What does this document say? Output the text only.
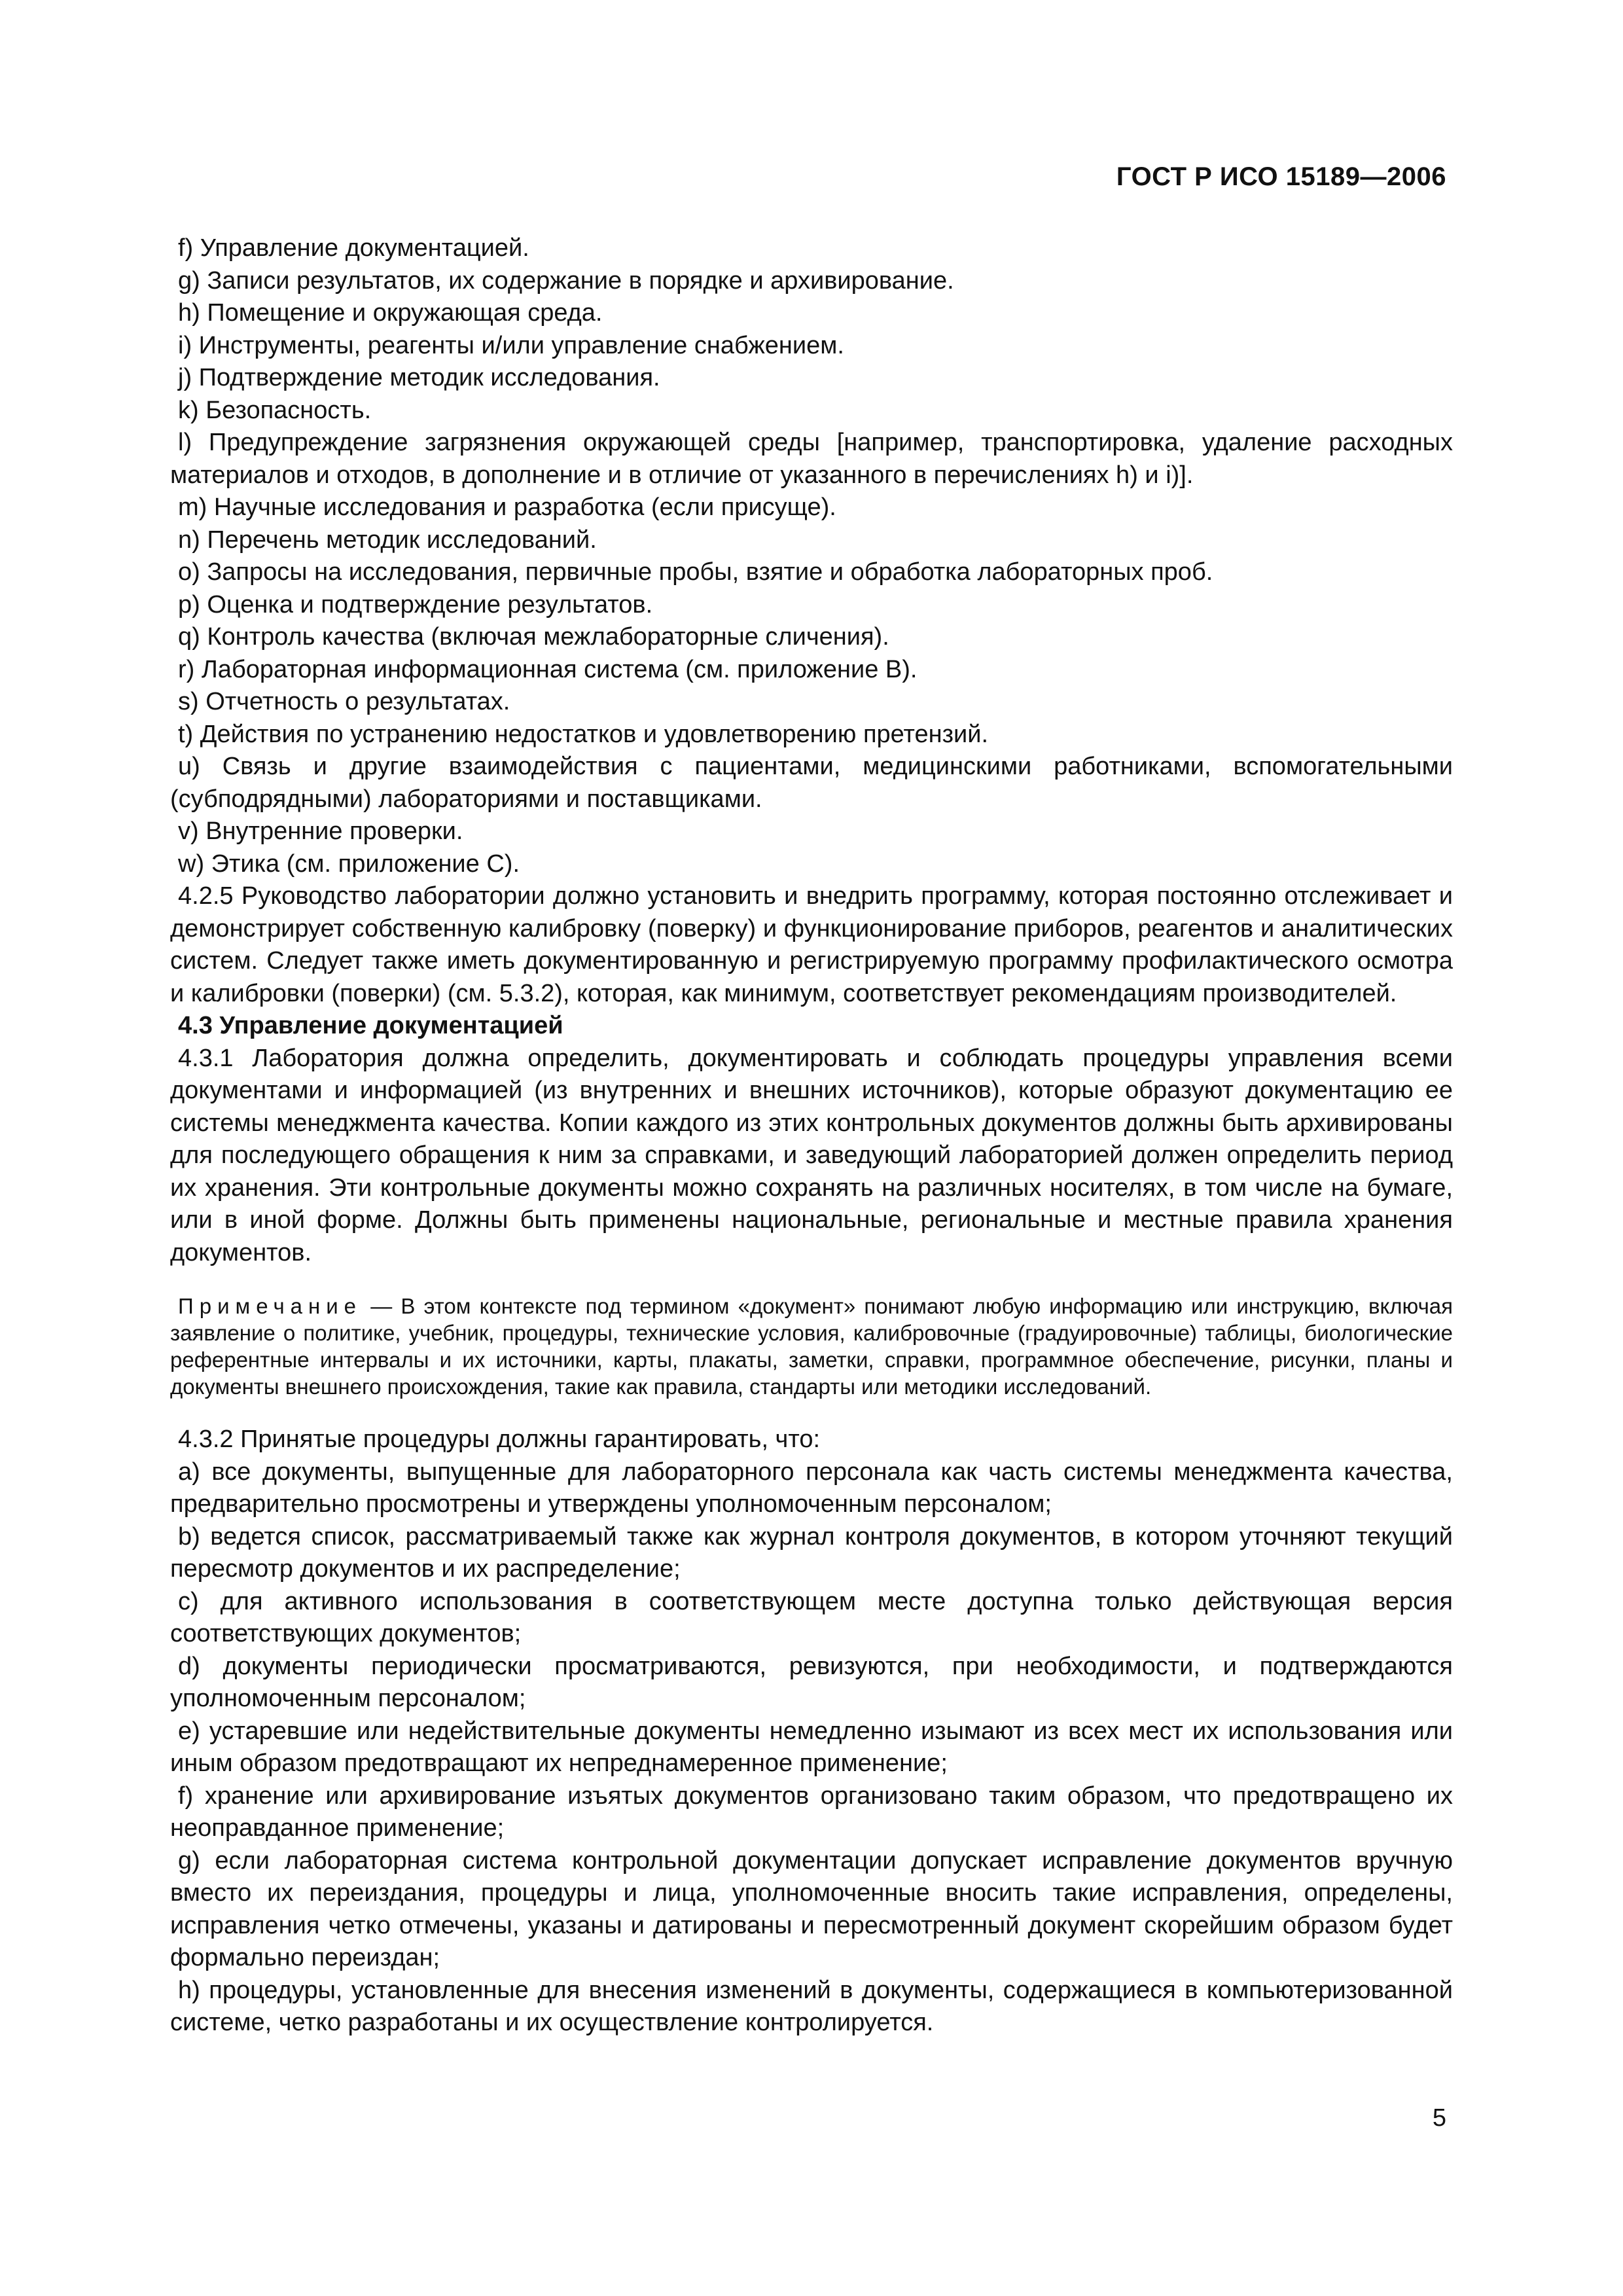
ГОСТ Р ИСО 15189—2006

f) Управление документацией.

g) Записи результатов, их содержание в порядке и архивирование.

h) Помещение и окружающая среда.

i) Инструменты, реагенты и/или управление снабжением.

j) Подтверждение методик исследования.

k) Безопасность.

l) Предупреждение загрязнения окружающей среды [например, транспортировка, удаление расходных материалов и отходов, в дополнение и в отличие от указанного в перечислениях h) и i)].

m) Научные исследования и разработка (если присуще).

n) Перечень методик исследований.

o) Запросы на исследования, первичные пробы, взятие и обработка лабораторных проб.

p) Оценка и подтверждение результатов.

q) Контроль качества (включая межлабораторные сличения).

r) Лабораторная информационная система (см. приложение В).

s) Отчетность о результатах.

t) Действия по устранению недостатков и удовлетворению претензий.

u) Связь и другие взаимодействия с пациентами, медицинскими работниками, вспомогательными (субподрядными) лабораториями и поставщиками.

v) Внутренние проверки.

w) Этика (см. приложение С).

4.2.5 Руководство лаборатории должно установить и внедрить программу, которая постоянно отслеживает и демонстрирует собственную калибровку (поверку) и функционирование приборов, реагентов и аналитических систем. Следует также иметь документированную и регистрируемую программу профилактического осмотра и калибровки (поверки) (см. 5.3.2), которая, как минимум, соответствует рекомендациям производителей.

4.3 Управление документацией

4.3.1 Лаборатория должна определить, документировать и соблюдать процедуры управления всеми документами и информацией (из внутренних и внешних источников), которые образуют документацию ее системы менеджмента качества. Копии каждого из этих контрольных документов должны быть архивированы для последующего обращения к ним за справками, и заведующий лабораторией должен определить период их хранения. Эти контрольные документы можно сохранять на различных носителях, в том числе на бумаге, или в иной форме. Должны быть применены национальные, региональные и местные правила хранения документов.

Примечание — В этом контексте под термином «документ» понимают любую информацию или инструкцию, включая заявление о политике, учебник, процедуры, технические условия, калибровочные (градуировочные) таблицы, биологические референтные интервалы и их источники, карты, плакаты, заметки, справки, программное обеспечение, рисунки, планы и документы внешнего происхождения, такие как правила, стандарты или методики исследований.

4.3.2 Принятые процедуры должны гарантировать, что:

a) все документы, выпущенные для лабораторного персонала как часть системы менеджмента качества, предварительно просмотрены и утверждены уполномоченным персоналом;

b) ведется список, рассматриваемый также как журнал контроля документов, в котором уточняют текущий пересмотр документов и их распределение;

c) для активного использования в соответствующем месте доступна только действующая версия соответствующих документов;

d) документы периодически просматриваются, ревизуются, при необходимости, и подтверждаются уполномоченным персоналом;

e) устаревшие или недействительные документы немедленно изымают из всех мест их использования или иным образом предотвращают их непреднамеренное применение;

f) хранение или архивирование изъятых документов организовано таким образом, что предотвращено их неоправданное применение;

g) если лабораторная система контрольной документации допускает исправление документов вручную вместо их переиздания, процедуры и лица, уполномоченные вносить такие исправления, определены, исправления четко отмечены, указаны и датированы и пересмотренный документ скорейшим образом будет формально переиздан;

h) процедуры, установленные для внесения изменений в документы, содержащиеся в компьютеризованной системе, четко разработаны и их осуществление контролируется.

5
